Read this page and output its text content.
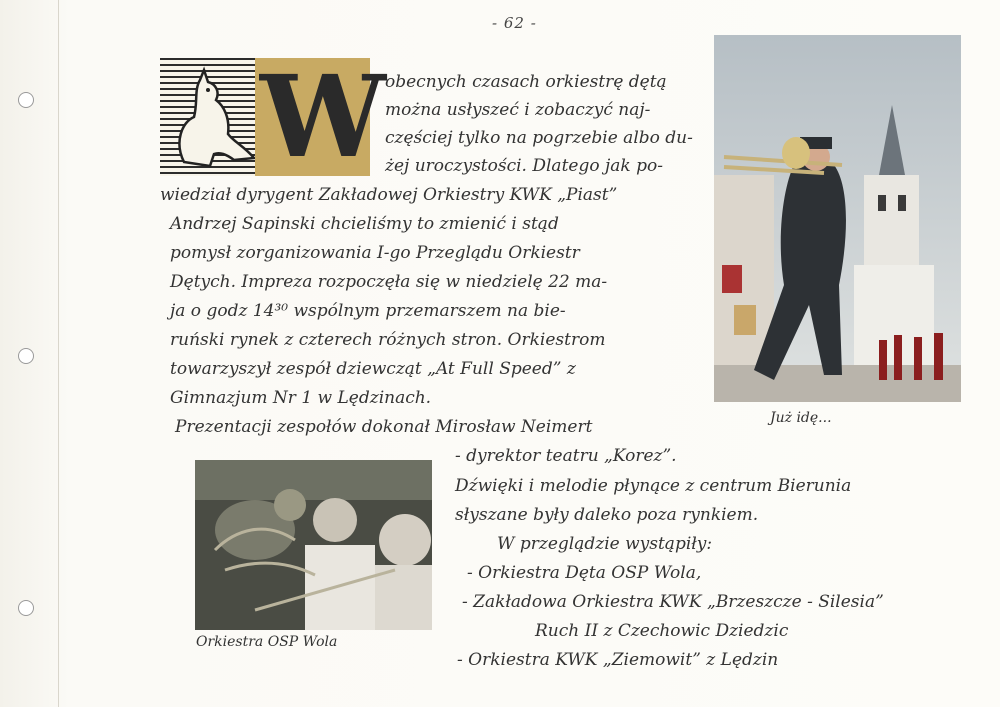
- 62 -
W obecnych czasach orkiestrę dętą
można usłyszeć i zobaczyć naj-
częściej tylko na pogrzebie albo du-
żej uroczystości. Dlatego jak po-
wiedział dyrygent Zakładowej Orkiestry KWK „Piast”
Andrzej Sapinski chcieliśmy to zmienić i stąd
pomysł zorganizowania I-go Przeglądu Orkiestr
Dętych. Impreza rozpoczęła się w niedzielę 22 ma-
ja o godz 14³⁰ wspólnym przemarszem na bie-
ruński rynek z czterech różnych stron. Orkiestrom
towarzyszył zespół dziewcząt „At Full Speed” z
Gimnazjum Nr 1 w Lędzinach.
Prezentacji zespołów dokonał Mirosław Neimert
- dyrektor teatru „Korez”.
Dźwięki i melodie płynące z centrum Bierunia
słyszane były daleko poza rynkiem.
W przeglądzie wystąpiły:
- Orkiestra Dęta OSP Wola,
- Zakładowa Orkiestra KWK „Brzeszcze - Silesia”
Ruch II z Czechowic Dziedzic
- Orkiestra KWK „Ziemowit” z Lędzin
Już idę...
Orkiestra OSP Wola
